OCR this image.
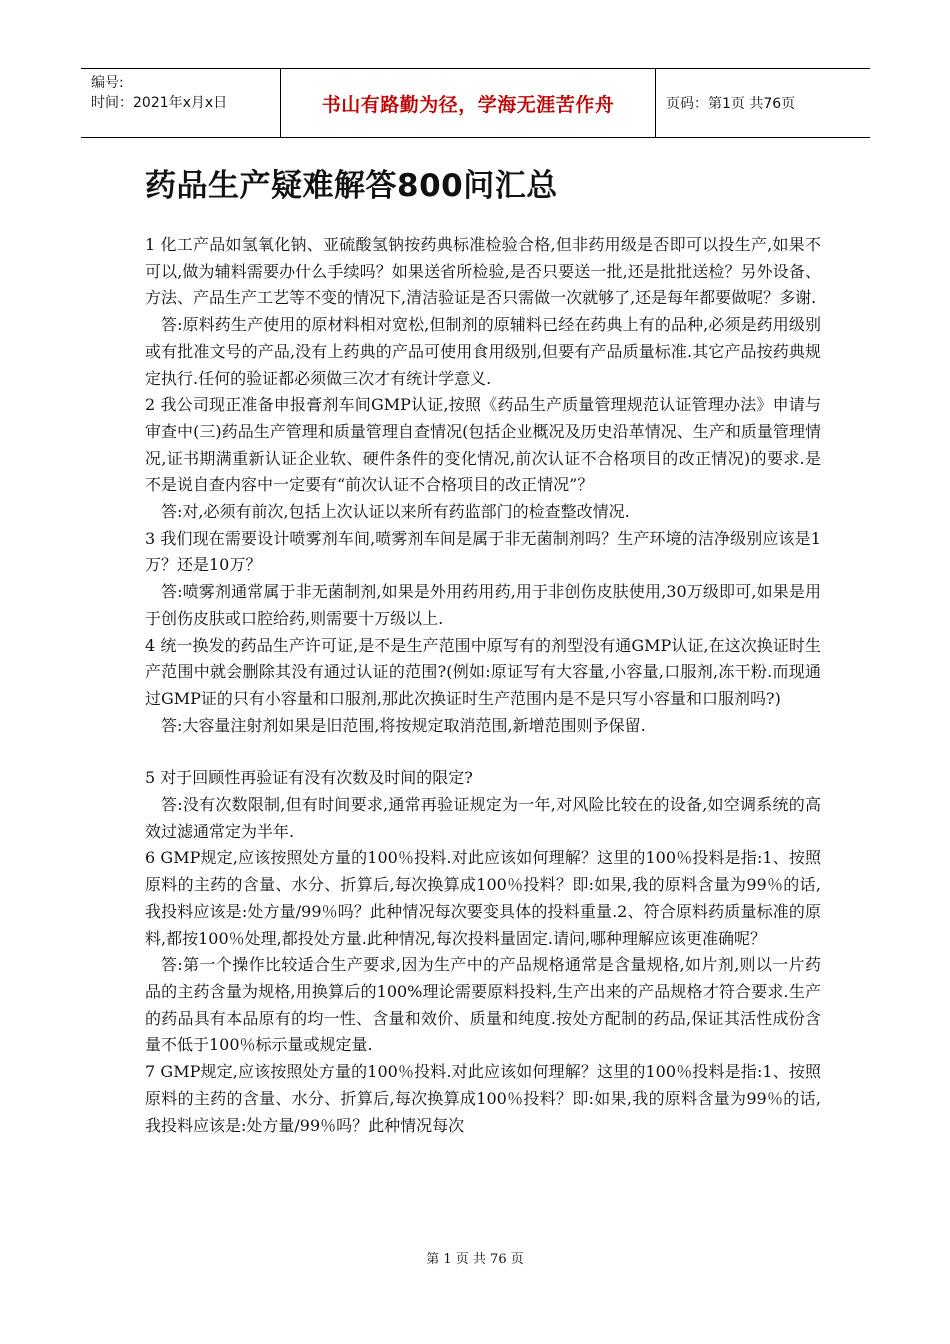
编号:
时间：2021年x月x日	书山有路勤为径，学海无涯苦作舟	页码：第1页 共76页
药品生产疑难解答800问汇总

1 化工产品如氢氧化钠、亚硫酸氢钠按药典标准检验合格,但非药用级是否即可以投生产,如果不可以,做为辅料需要办什么手续吗？如果送省所检验,是否只要送一批,还是批批送检？另外设备、方法、产品生产工艺等不变的情况下,清洁验证是否只需做一次就够了,还是每年都要做呢？多谢.

答:原料药生产使用的原材料相对宽松,但制剂的原辅料已经在药典上有的品种,必须是药用级别或有批准文号的产品,没有上药典的产品可使用食用级别,但要有产品质量标准.其它产品按药典规定执行.任何的验证都必须做三次才有统计学意义.

2 我公司现正准备申报膏剂车间GMP认证,按照《药品生产质量管理规范认证管理办法》申请与审查中(三)药品生产管理和质量管理自查情况(包括企业概况及历史沿革情况、生产和质量管理情况,证书期满重新认证企业软、硬件条件的变化情况,前次认证不合格项目的改正情况)的要求.是不是说自查内容中一定要有“前次认证不合格项目的改正情况”？

答:对,必须有前次,包括上次认证以来所有药监部门的检查整改情况.

3 我们现在需要设计喷雾剂车间,喷雾剂车间是属于非无菌制剂吗？生产环境的洁净级别应该是1万？还是10万？

答:喷雾剂通常属于非无菌制剂,如果是外用药用药,用于非创伤皮肤使用,30万级即可,如果是用于创伤皮肤或口腔给药,则需要十万级以上.

4 统一换发的药品生产许可证,是不是生产范围中原写有的剂型没有通GMP认证,在这次换证时生产范围中就会删除其没有通过认证的范围?(例如:原证写有大容量,小容量,口服剂,冻干粉.而现通过GMP证的只有小容量和口服剂,那此次换证时生产范围内是不是只写小容量和口服剂吗?)

答:大容量注射剂如果是旧范围,将按规定取消范围,新增范围则予保留.

5 对于回顾性再验证有没有次数及时间的限定?

答:没有次数限制,但有时间要求,通常再验证规定为一年,对风险比较在的设备,如空调系统的高效过滤通常定为半年.

6 GMP规定,应该按照处方量的100％投料.对此应该如何理解？这里的100％投料是指:1、按照原料的主药的含量、水分、折算后,每次换算成100％投料？即:如果,我的原料含量为99％的话,我投料应该是:处方量/99％吗？此种情况每次要变具体的投料重量.2、符合原料药质量标准的原料,都按100％处理,都投处方量.此种情况,每次投料量固定.请问,哪种理解应该更准确呢？

答:第一个操作比较适合生产要求,因为生产中的产品规格通常是含量规格,如片剂,则以一片药品的主药含量为规格,用换算后的100%理论需要原料投料,生产出来的产品规格才符合要求.生产的药品具有本品原有的均一性、含量和效价、质量和纯度.按处方配制的药品,保证其活性成份含量不低于100％标示量或规定量.

7 GMP规定,应该按照处方量的100％投料.对此应该如何理解？这里的100％投料是指:1、按照原料的主药的含量、水分、折算后,每次换算成100％投料？即:如果,我的原料含量为99％的话,我投料应该是:处方量/99％吗？此种情况每次

第 1 页 共 76 页
